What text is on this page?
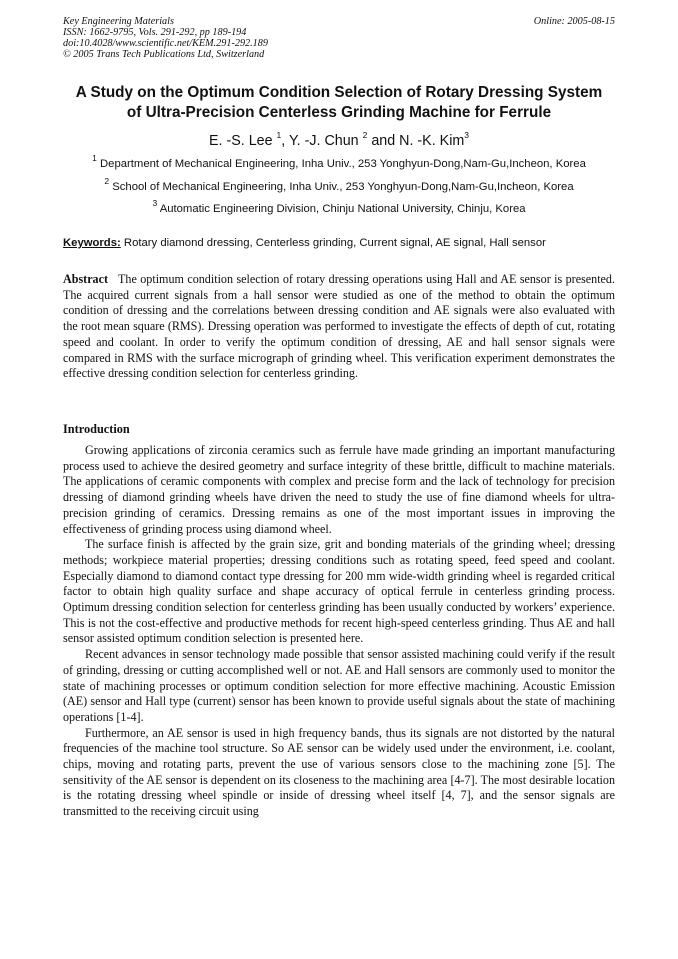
Key Engineering Materials
ISSN: 1662-9795, Vols. 291-292, pp 189-194
doi:10.4028/www.scientific.net/KEM.291-292.189
© 2005 Trans Tech Publications Ltd, Switzerland
Online: 2005-08-15
A Study on the Optimum Condition Selection of Rotary Dressing System
of Ultra-Precision Centerless Grinding Machine for Ferrule
E. -S. Lee $^1$, Y. -J. Chun $^2$ and N. -K. Kim$^3$
$^1$ Department of Mechanical Engineering, Inha Univ., 253 Yonghyun-Dong,Nam-Gu,Incheon, Korea
$^2$ School of Mechanical Engineering, Inha Univ., 253 Yonghyun-Dong,Nam-Gu,Incheon, Korea
$^3$ Automatic Engineering Division, Chinju National University, Chinju, Korea
Keywords: Rotary diamond dressing, Centerless grinding, Current signal, AE signal, Hall sensor
Abstract The optimum condition selection of rotary dressing operations using Hall and AE sensor is presented. The acquired current signals from a hall sensor were studied as one of the method to obtain the optimum condition of dressing and the correlations between dressing condition and AE signals were also evaluated with the root mean square (RMS). Dressing operation was performed to investigate the effects of depth of cut, rotating speed and coolant. In order to verify the optimum condition of dressing, AE and hall sensor signals were compared in RMS with the surface micrograph of grinding wheel. This verification experiment demonstrates the effective dressing condition selection for centerless grinding.
Introduction

Growing applications of zirconia ceramics such as ferrule have made grinding an important manufacturing process used to achieve the desired geometry and surface integrity of these brittle, difficult to machine materials. The applications of ceramic components with complex and precise form and the lack of technology for precision dressing of diamond grinding wheels have driven the need to study the use of fine diamond wheels for ultra-precision grinding of ceramics. Dressing remains as one of the most important issues in improving the effectiveness of grinding process using diamond wheel.

The surface finish is affected by the grain size, grit and bonding materials of the grinding wheel; dressing methods; workpiece material properties; dressing conditions such as rotating speed, feed speed and coolant. Especially diamond to diamond contact type dressing for 200 mm wide-width grinding wheel is regarded critical factor to obtain high quality surface and shape accuracy of optical ferrule in centerless grinding process. Optimum dressing condition selection for centerless grinding has been usually conducted by workers’ experience. This is not the cost-effective and productive methods for recent high-speed centerless grinding. Thus AE and hall sensor assisted optimum condition selection is presented here.

Recent advances in sensor technology made possible that sensor assisted machining could verify if the result of grinding, dressing or cutting accomplished well or not. AE and Hall sensors are commonly used to monitor the state of machining processes or optimum condition selection for more effective machining. Acoustic Emission (AE) sensor and Hall type (current) sensor has been known to provide useful signals about the state of machining operations [1-4].

Furthermore, an AE sensor is used in high frequency bands, thus its signals are not distorted by the natural frequencies of the machine tool structure. So AE sensor can be widely used under the environment, i.e. coolant, chips, moving and rotating parts, prevent the use of various sensors close to the machining zone [5]. The sensitivity of the AE sensor is dependent on its closeness to the machining area [4-7]. The most desirable location is the rotating dressing wheel spindle or inside of dressing wheel itself [4, 7], and the sensor signals are transmitted to the receiving circuit using
